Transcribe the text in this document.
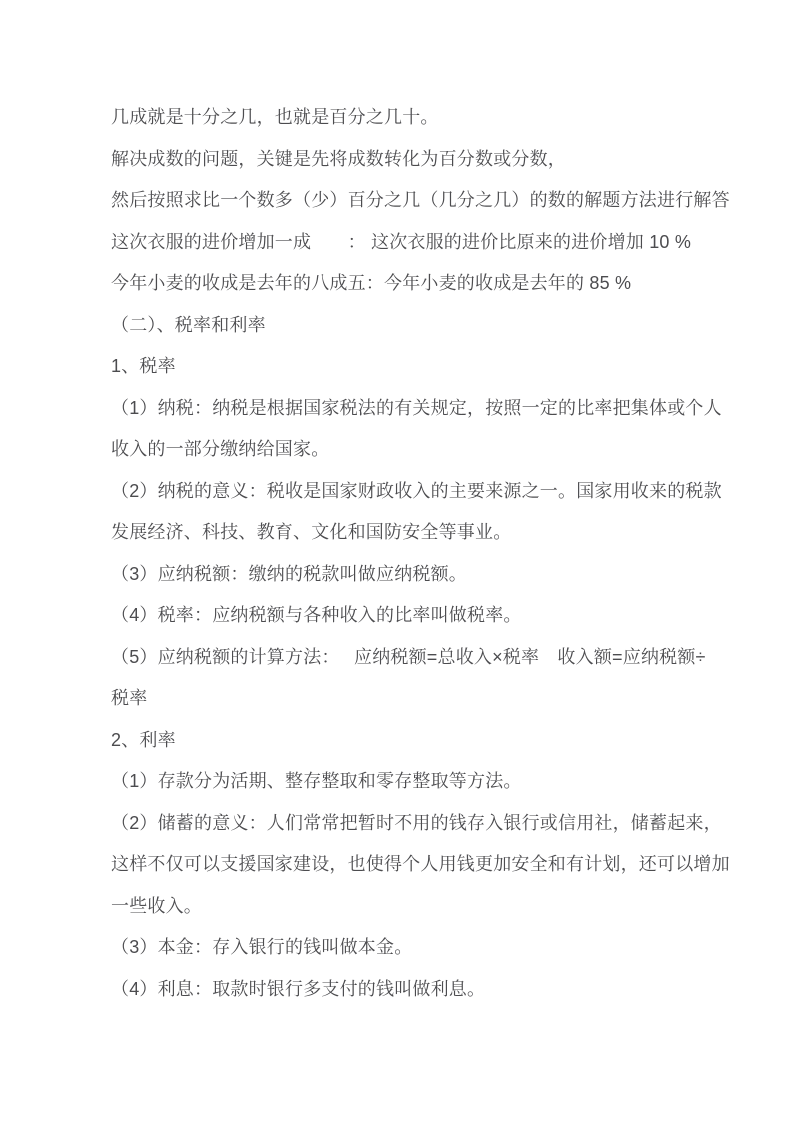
几成就是十分之几，也就是百分之几十。
解决成数的问题，关键是先将成数转化为百分数或分数，
然后按照求比一个数多（少）百分之几（几分之几）的数的解题方法进行解答
这次衣服的进价增加一成　　： 这次衣服的进价比原来的进价增加 10 %
今年小麦的收成是去年的八成五：今年小麦的收成是去年的 85 %
（二）、税率和利率
1、税率
（1）纳税：纳税是根据国家税法的有关规定，按照一定的比率把集体或个人
收入的一部分缴纳给国家。
（2）纳税的意义：税收是国家财政收入的主要来源之一。国家用收来的税款
发展经济、科技、教育、文化和国防安全等事业。
（3）应纳税额：缴纳的税款叫做应纳税额。
（4）税率：应纳税额与各种收入的比率叫做税率。
（5）应纳税额的计算方法：　 应纳税额=总收入×税率　收入额=应纳税额÷
税率
2、利率
（1）存款分为活期、整存整取和零存整取等方法。
（2）储蓄的意义：人们常常把暂时不用的钱存入银行或信用社，储蓄起来，
这样不仅可以支援国家建设，也使得个人用钱更加安全和有计划，还可以增加
一些收入。
（3）本金：存入银行的钱叫做本金。
（4）利息：取款时银行多支付的钱叫做利息。
